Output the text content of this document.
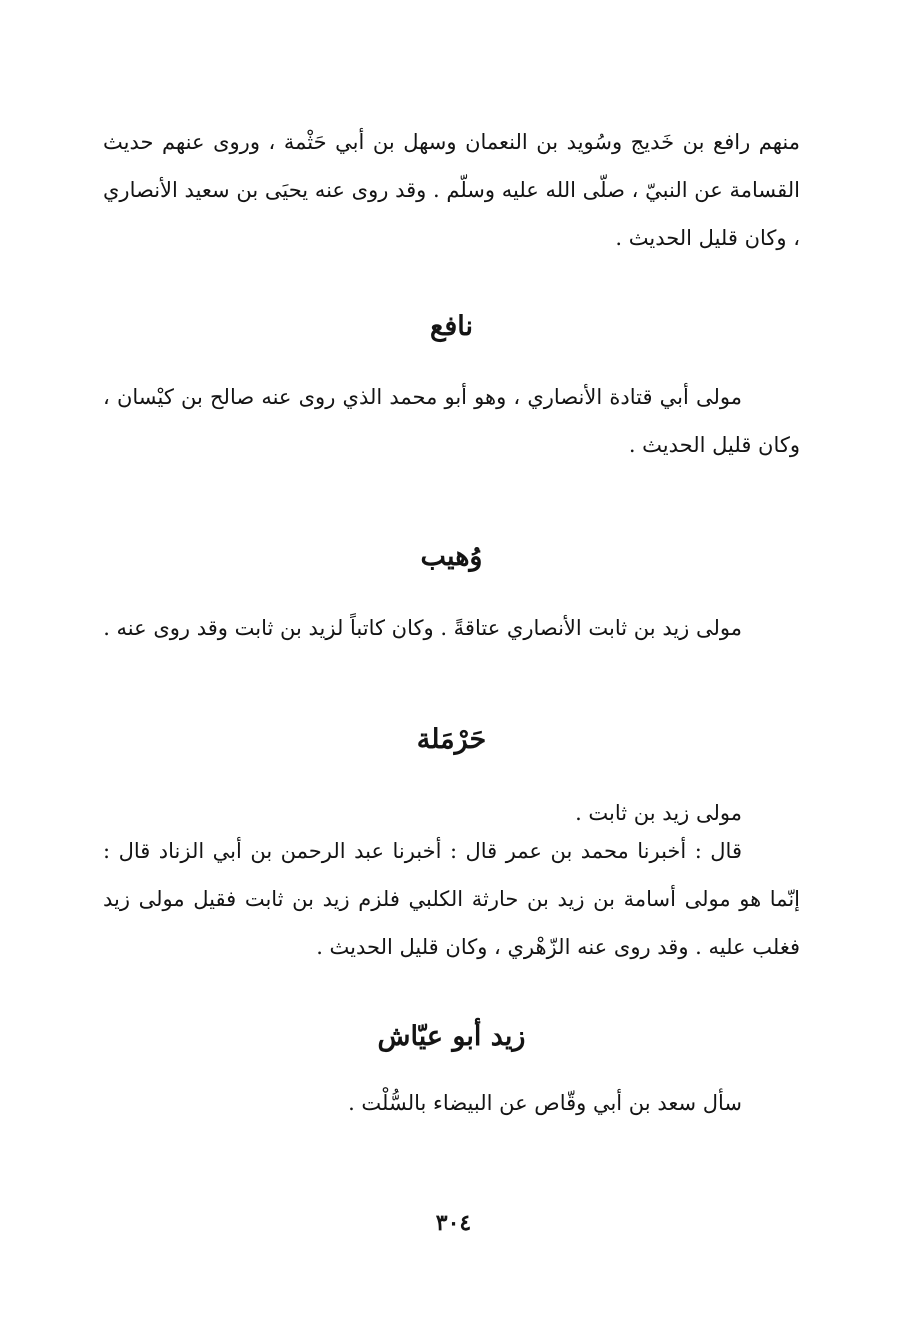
منهم رافع بن خَديج وسُويد بن النعمان وسهل بن أبي حَثْمة ، وروى عنهم حديث القسامة عن النبيّ ، صلّى الله عليه وسلّم . وقد روى عنه يحيَى بن سعيد الأنصاري ، وكان قليل الحديث .

نافع

مولى أبي قتادة الأنصاري ، وهو أبو محمد الذي روى عنه صالح بن كيْسان ، وكان قليل الحديث .

وُهيب

مولى زيد بن ثابت الأنصاري عتاقةً . وكان كاتباً لزيد بن ثابت وقد روى عنه .

حَرْمَلة

مولى زيد بن ثابت .

قال : أخبرنا محمد بن عمر قال : أخبرنا عبد الرحمن بن أبي الزناد قال : إنّما هو مولى أسامة بن زيد بن حارثة الكلبي فلزم زيد بن ثابت فقيل مولى زيد فغلب عليه . وقد روى عنه الزّهْري ، وكان قليل الحديث .

زيد أبو عيّاش

سأل سعد بن أبي وقّاص عن البيضاء بالسُّلْت .

٣٠٤
